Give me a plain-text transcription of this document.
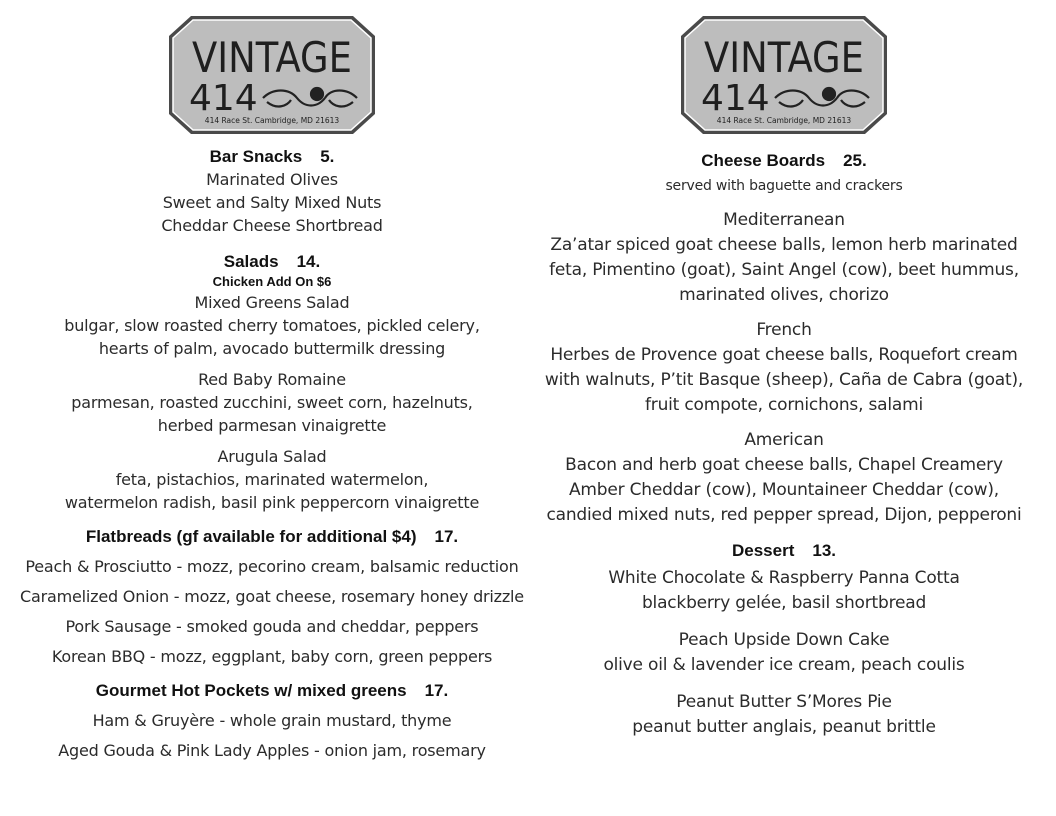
VINTAGE
414
414 Race St. Cambridge, MD 21613
Bar Snacks 5.
Marinated Olives
Sweet and Salty Mixed Nuts
Cheddar Cheese Shortbread
Salads 14.
Chicken Add On $6
Mixed Greens Salad
bulgar, slow roasted cherry tomatoes, pickled celery,
hearts of palm, avocado buttermilk dressing
Red Baby Romaine
parmesan, roasted zucchini, sweet corn, hazelnuts,
herbed parmesan vinaigrette
Arugula Salad
feta, pistachios, marinated watermelon,
watermelon radish, basil pink peppercorn vinaigrette
Flatbreads (gf available for additional $4) 17.
Peach & Prosciutto - mozz, pecorino cream, balsamic reduction
Caramelized Onion - mozz, goat cheese, rosemary honey drizzle
Pork Sausage - smoked gouda and cheddar, peppers
Korean BBQ - mozz, eggplant, baby corn, green peppers
Gourmet Hot Pockets w/ mixed greens 17.
Ham & Gruyère - whole grain mustard, thyme
Aged Gouda & Pink Lady Apples - onion jam, rosemary
VINTAGE
414
414 Race St. Cambridge, MD 21613
Cheese Boards 25.
served with baguette and crackers
Mediterranean
Za’atar spiced goat cheese balls, lemon herb marinated
feta, Pimentino (goat), Saint Angel (cow), beet hummus,
marinated olives, chorizo
French
Herbes de Provence goat cheese balls, Roquefort cream
with walnuts, P’tit Basque (sheep), Caña de Cabra (goat),
fruit compote, cornichons, salami
American
Bacon and herb goat cheese balls, Chapel Creamery
Amber Cheddar (cow), Mountaineer Cheddar (cow),
candied mixed nuts, red pepper spread, Dijon, pepperoni
Dessert 13.
White Chocolate & Raspberry Panna Cotta
blackberry gelée, basil shortbread
Peach Upside Down Cake
olive oil & lavender ice cream, peach coulis
Peanut Butter S’Mores Pie
peanut butter anglais, peanut brittle
